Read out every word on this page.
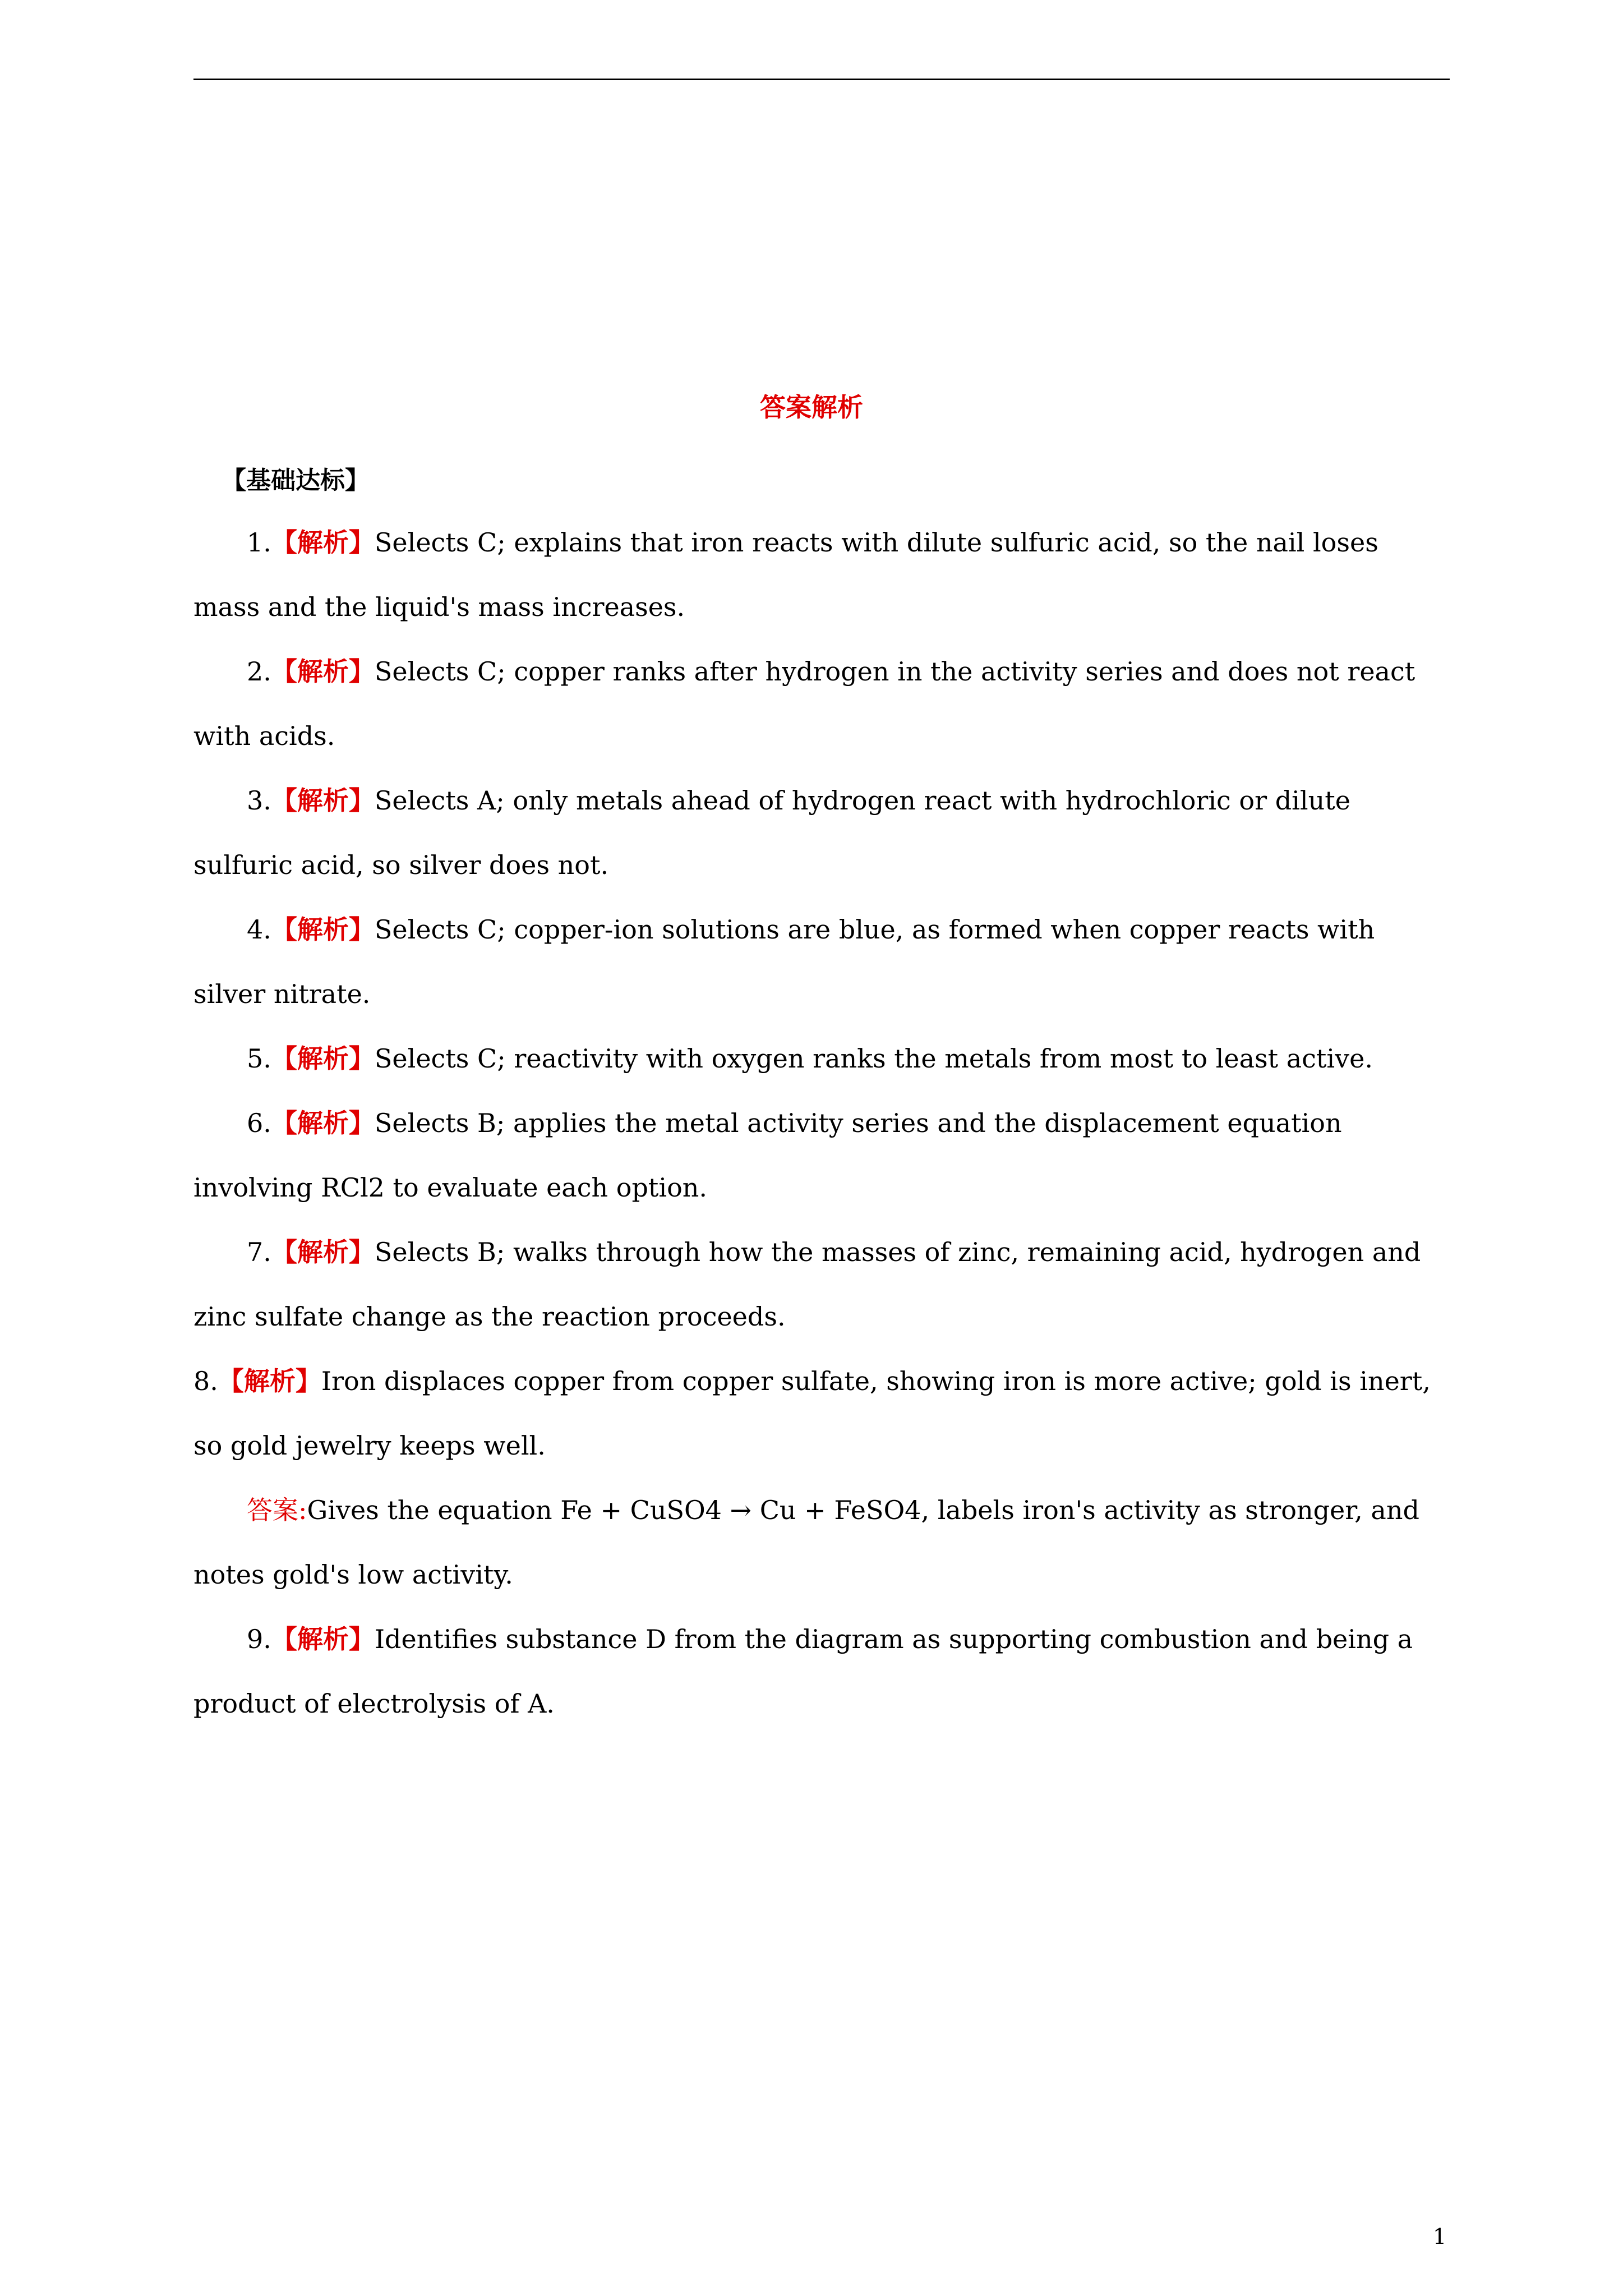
答案解析
【基础达标】

1.【解析】Selects C; explains that iron reacts with dilute sulfuric acid, so the nail loses mass and the liquid's mass increases.

2.【解析】Selects C; copper ranks after hydrogen in the activity series and does not react with acids.

3.【解析】Selects A; only metals ahead of hydrogen react with hydrochloric or dilute sulfuric acid, so silver does not.

4.【解析】Selects C; copper-ion solutions are blue, as formed when copper reacts with silver nitrate.

5.【解析】Selects C; reactivity with oxygen ranks the metals from most to least active.

6.【解析】Selects B; applies the metal activity series and the displacement equation involving RCl2 to evaluate each option.

7.【解析】Selects B; walks through how the masses of zinc, remaining acid, hydrogen and zinc sulfate change as the reaction proceeds.

8.【解析】Iron displaces copper from copper sulfate, showing iron is more active; gold is inert, so gold jewelry keeps well.

答案:Gives the equation Fe + CuSO4 → Cu + FeSO4, labels iron's activity as stronger, and notes gold's low activity.

9.【解析】Identifies substance D from the diagram as supporting combustion and being a product of electrolysis of A.

1
